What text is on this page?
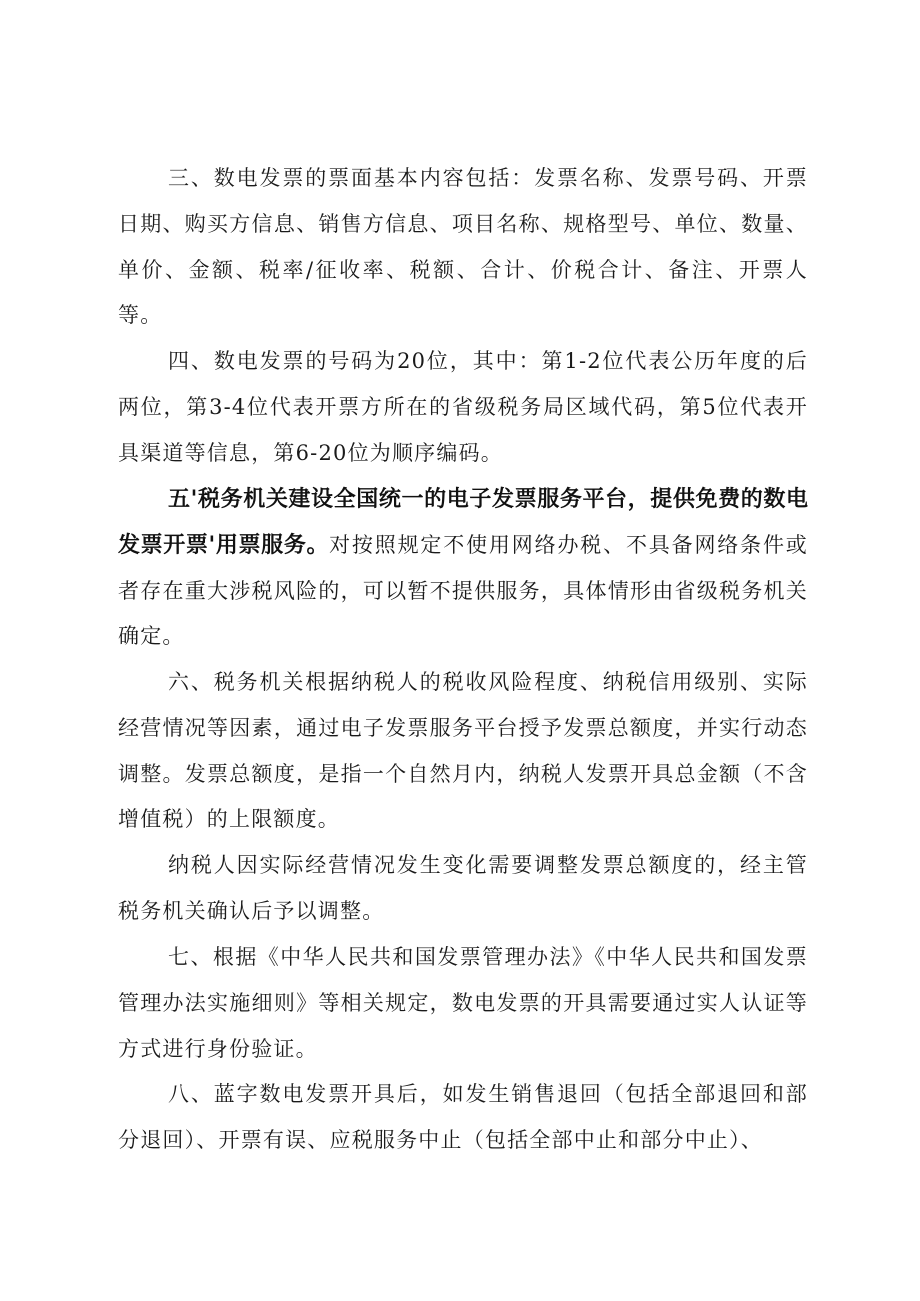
三、数电发票的票面基本内容包括：发票名称、发票号码、开票日期、购买方信息、销售方信息、项目名称、规格型号、单位、数量、单价、金额、税率/征收率、税额、合计、价税合计、备注、开票人等。

四、数电发票的号码为20位，其中：第1-2位代表公历年度的后两位，第3-4位代表开票方所在的省级税务局区域代码，第5位代表开具渠道等信息，第6-20位为顺序编码。

五'税务机关建设全国统一的电子发票服务平台，提供免费的数电发票开票'用票服务。对按照规定不使用网络办税、不具备网络条件或者存在重大涉税风险的，可以暂不提供服务，具体情形由省级税务机关确定。

六、税务机关根据纳税人的税收风险程度、纳税信用级别、实际经营情况等因素，通过电子发票服务平台授予发票总额度，并实行动态调整。发票总额度，是指一个自然月内，纳税人发票开具总金额（不含增值税）的上限额度。

纳税人因实际经营情况发生变化需要调整发票总额度的，经主管税务机关确认后予以调整。

七、根据《中华人民共和国发票管理办法》《中华人民共和国发票管理办法实施细则》等相关规定，数电发票的开具需要通过实人认证等方式进行身份验证。

八、蓝字数电发票开具后，如发生销售退回（包括全部退回和部分退回）、开票有误、应税服务中止（包括全部中止和部分中止）、
